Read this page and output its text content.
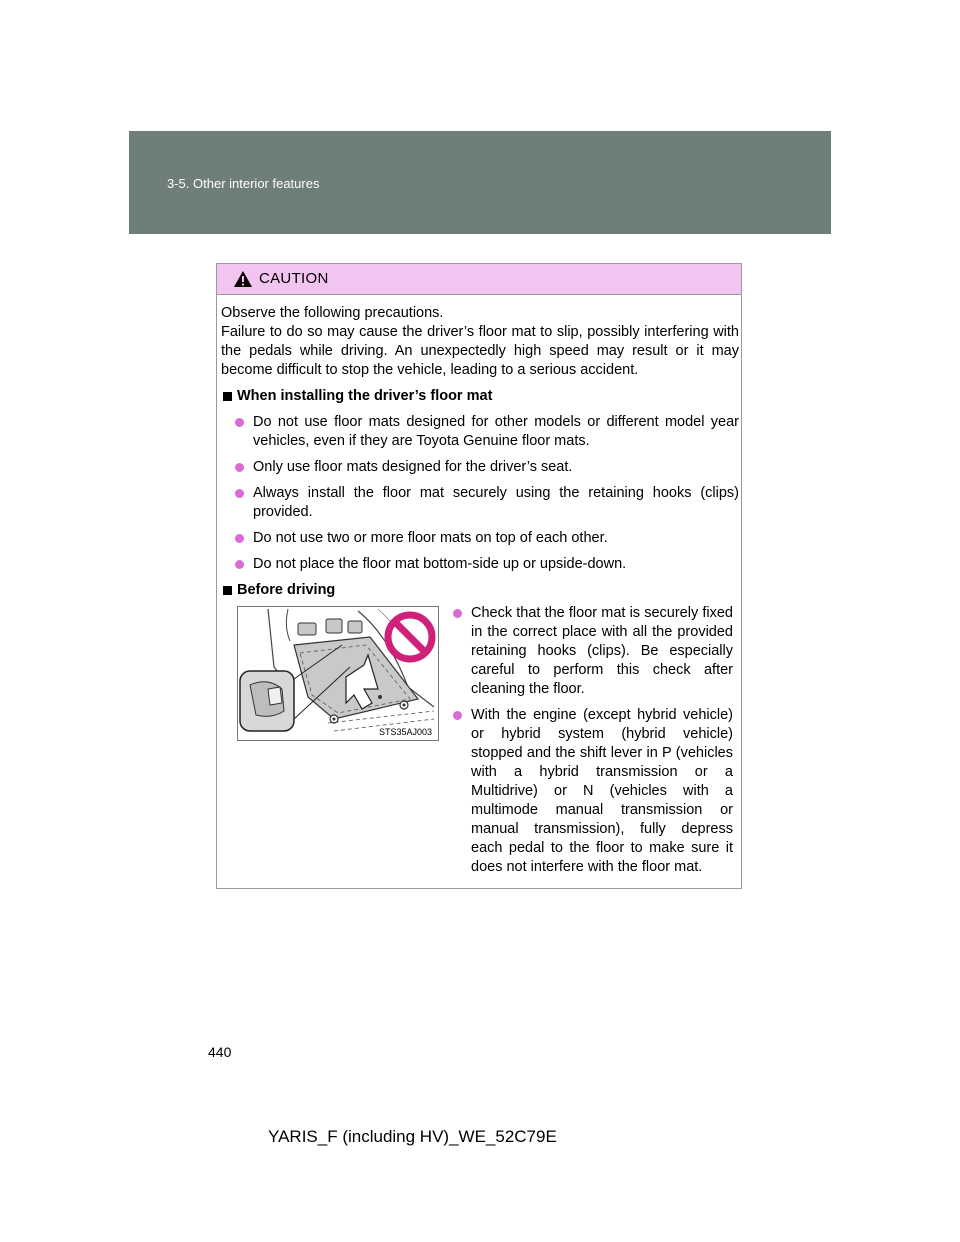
3-5. Other interior features
CAUTION

Observe the following precautions.

Failure to do so may cause the driver’s floor mat to slip, possibly interfering with the pedals while driving. An unexpectedly high speed may result or it may become difficult to stop the vehicle, leading to a serious accident.

When installing the driver’s floor mat
Do not use floor mats designed for other models or different model year vehicles, even if they are Toyota Genuine floor mats.
Only use floor mats designed for the driver’s seat.
Always install the floor mat securely using the retaining hooks (clips) provided.
Do not use two or more floor mats on top of each other.
Do not place the floor mat bottom-side up or upside-down.
Before driving
STS35AJ003
Check that the floor mat is securely fixed in the correct place with all the provided retaining hooks (clips). Be especially careful to perform this check after cleaning the floor.
With the engine (except hybrid vehicle) or hybrid system (hybrid vehicle) stopped and the shift lever in P (vehicles with a hybrid transmission or a Multidrive) or N (vehicles with a multimode manual transmission or manual transmission), fully depress each pedal to the floor to make sure it does not interfere with the floor mat.
440
YARIS_F (including HV)_WE_52C79E
